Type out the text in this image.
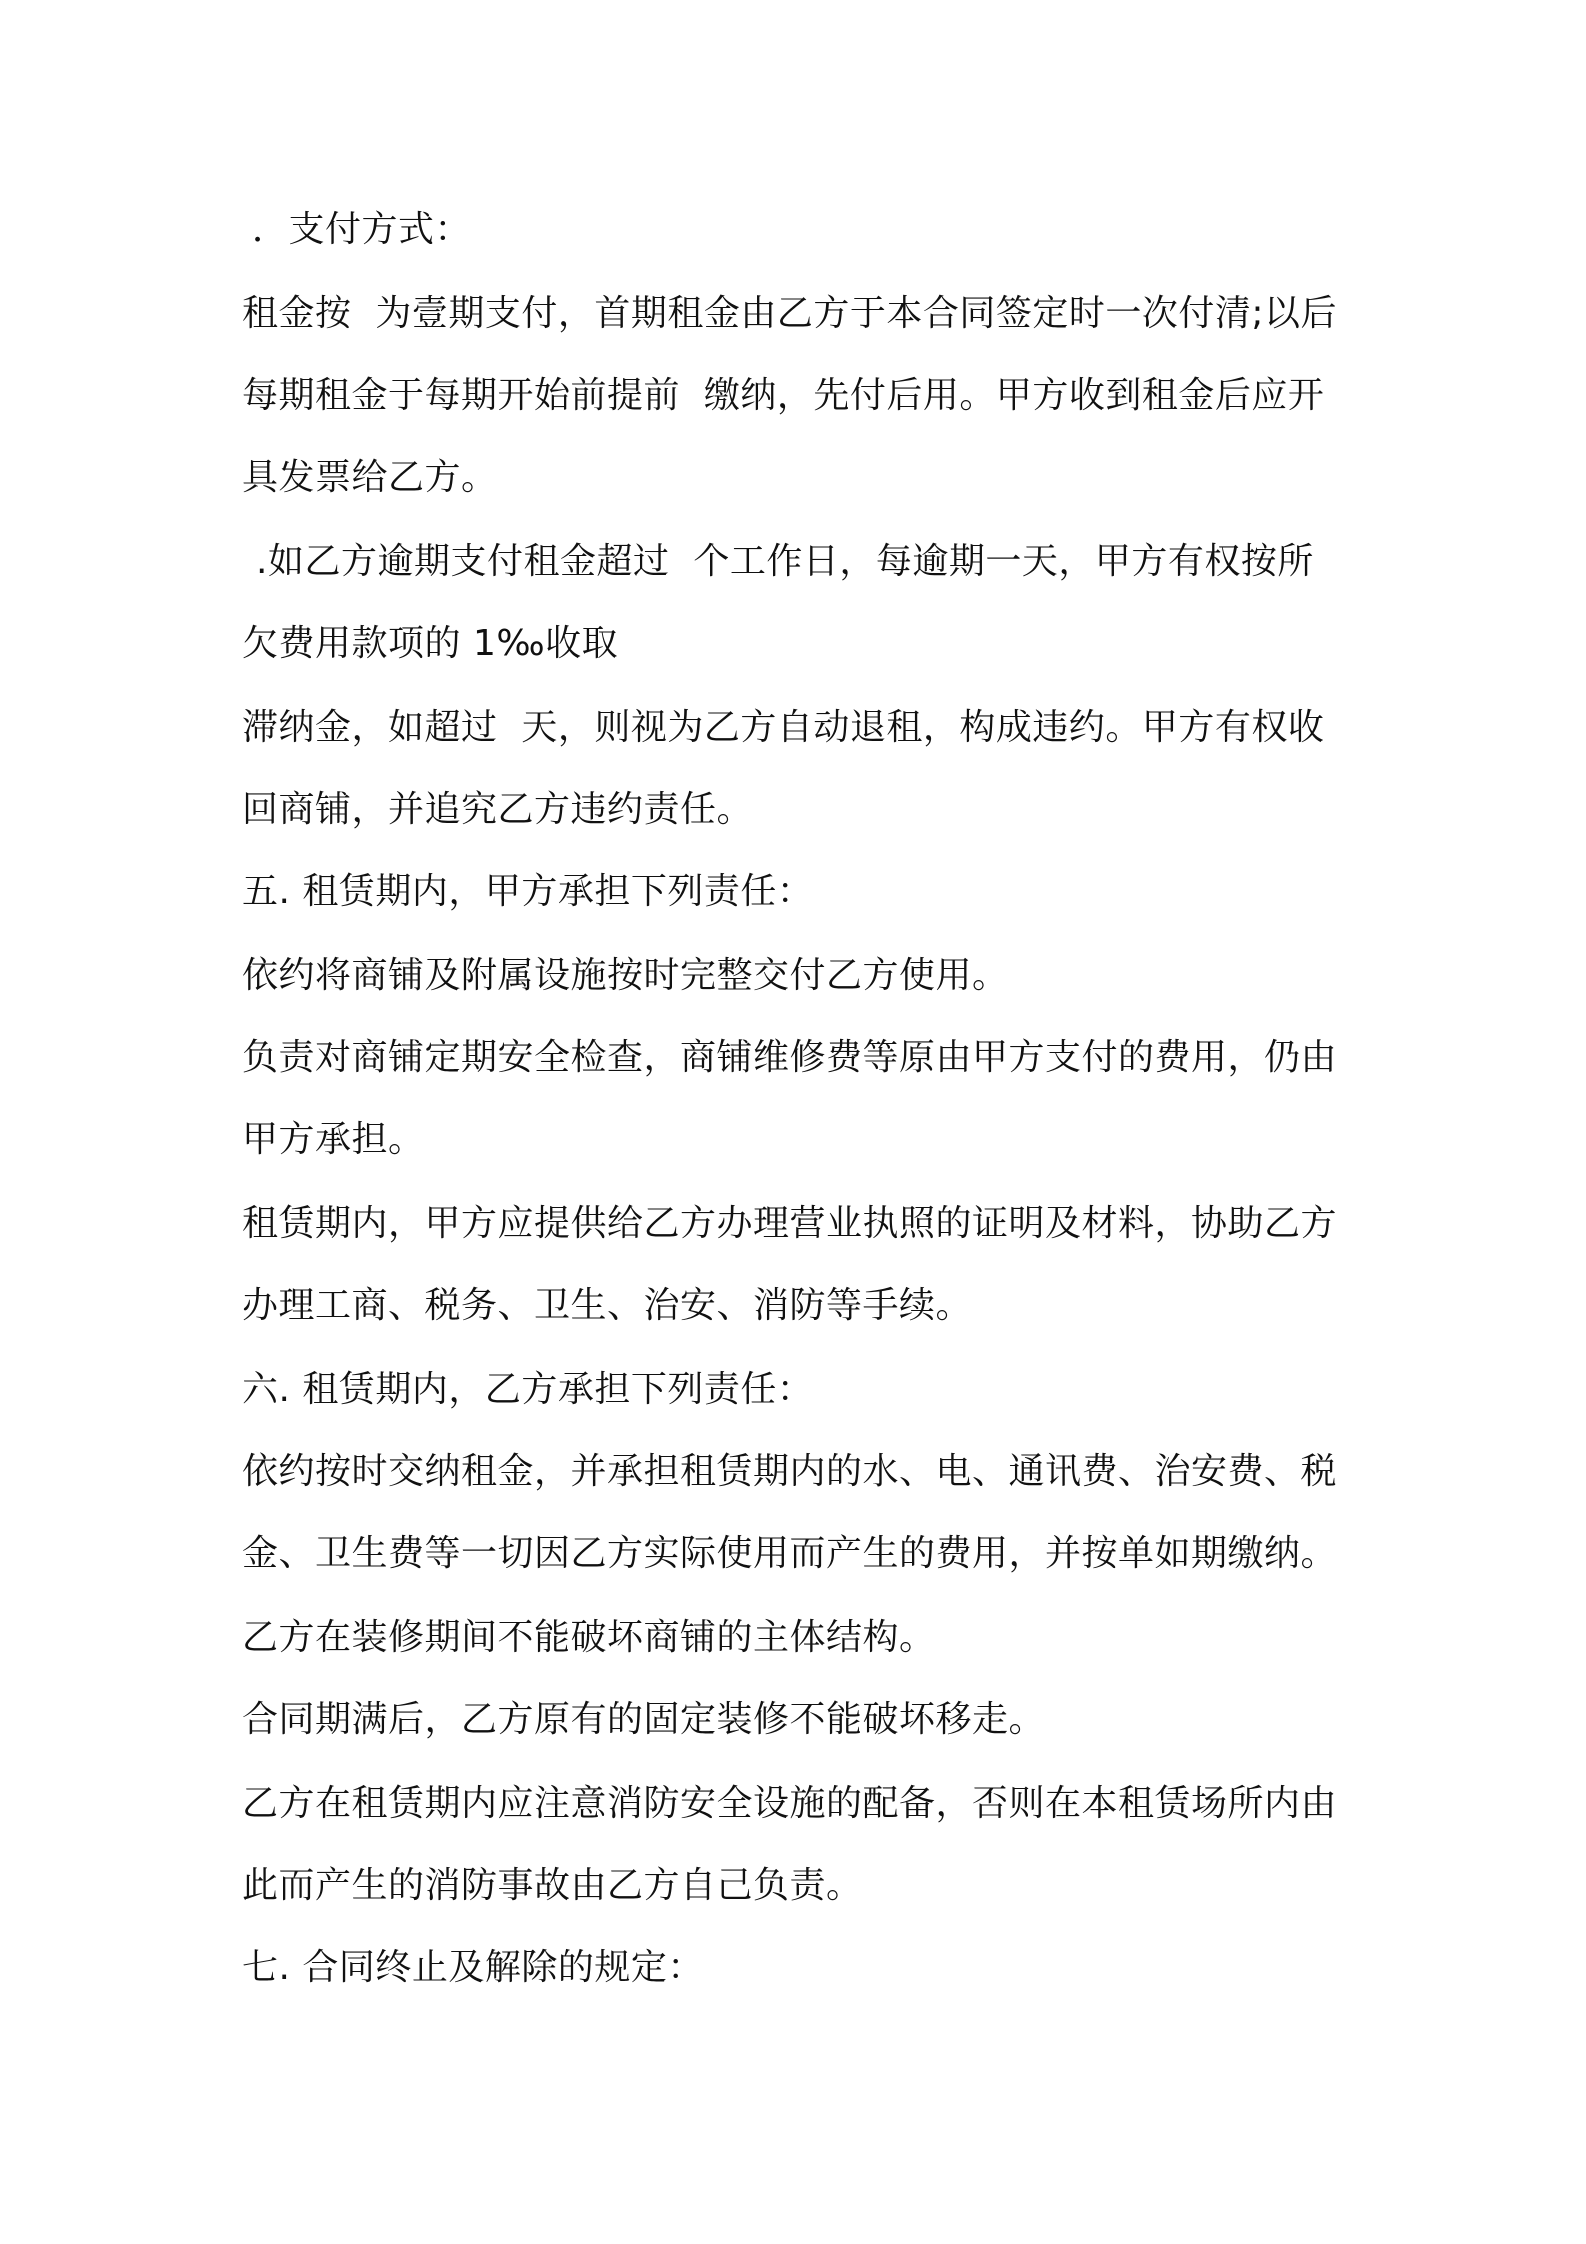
．支付方式：
租金按  为壹期支付，首期租金由乙方于本合同签定时一次付清;以后
每期租金于每期开始前提前  缴纳，先付后用。甲方收到租金后应开
具发票给乙方。
.如乙方逾期支付租金超过  个工作日，每逾期一天，甲方有权按所
欠费用款项的 1‰收取
滞纳金，如超过  天，则视为乙方自动退租，构成违约。甲方有权收
回商铺，并追究乙方违约责任。
五. 租赁期内，甲方承担下列责任：
依约将商铺及附属设施按时完整交付乙方使用。
负责对商铺定期安全检查，商铺维修费等原由甲方支付的费用，仍由
甲方承担。
租赁期内，甲方应提供给乙方办理营业执照的证明及材料，协助乙方
办理工商、税务、卫生、治安、消防等手续。
六. 租赁期内，乙方承担下列责任：
依约按时交纳租金，并承担租赁期内的水、电、通讯费、治安费、税
金、卫生费等一切因乙方实际使用而产生的费用，并按单如期缴纳。
乙方在装修期间不能破坏商铺的主体结构。
合同期满后，乙方原有的固定装修不能破坏移走。
乙方在租赁期内应注意消防安全设施的配备，否则在本租赁场所内由
此而产生的消防事故由乙方自己负责。
七. 合同终止及解除的规定：
